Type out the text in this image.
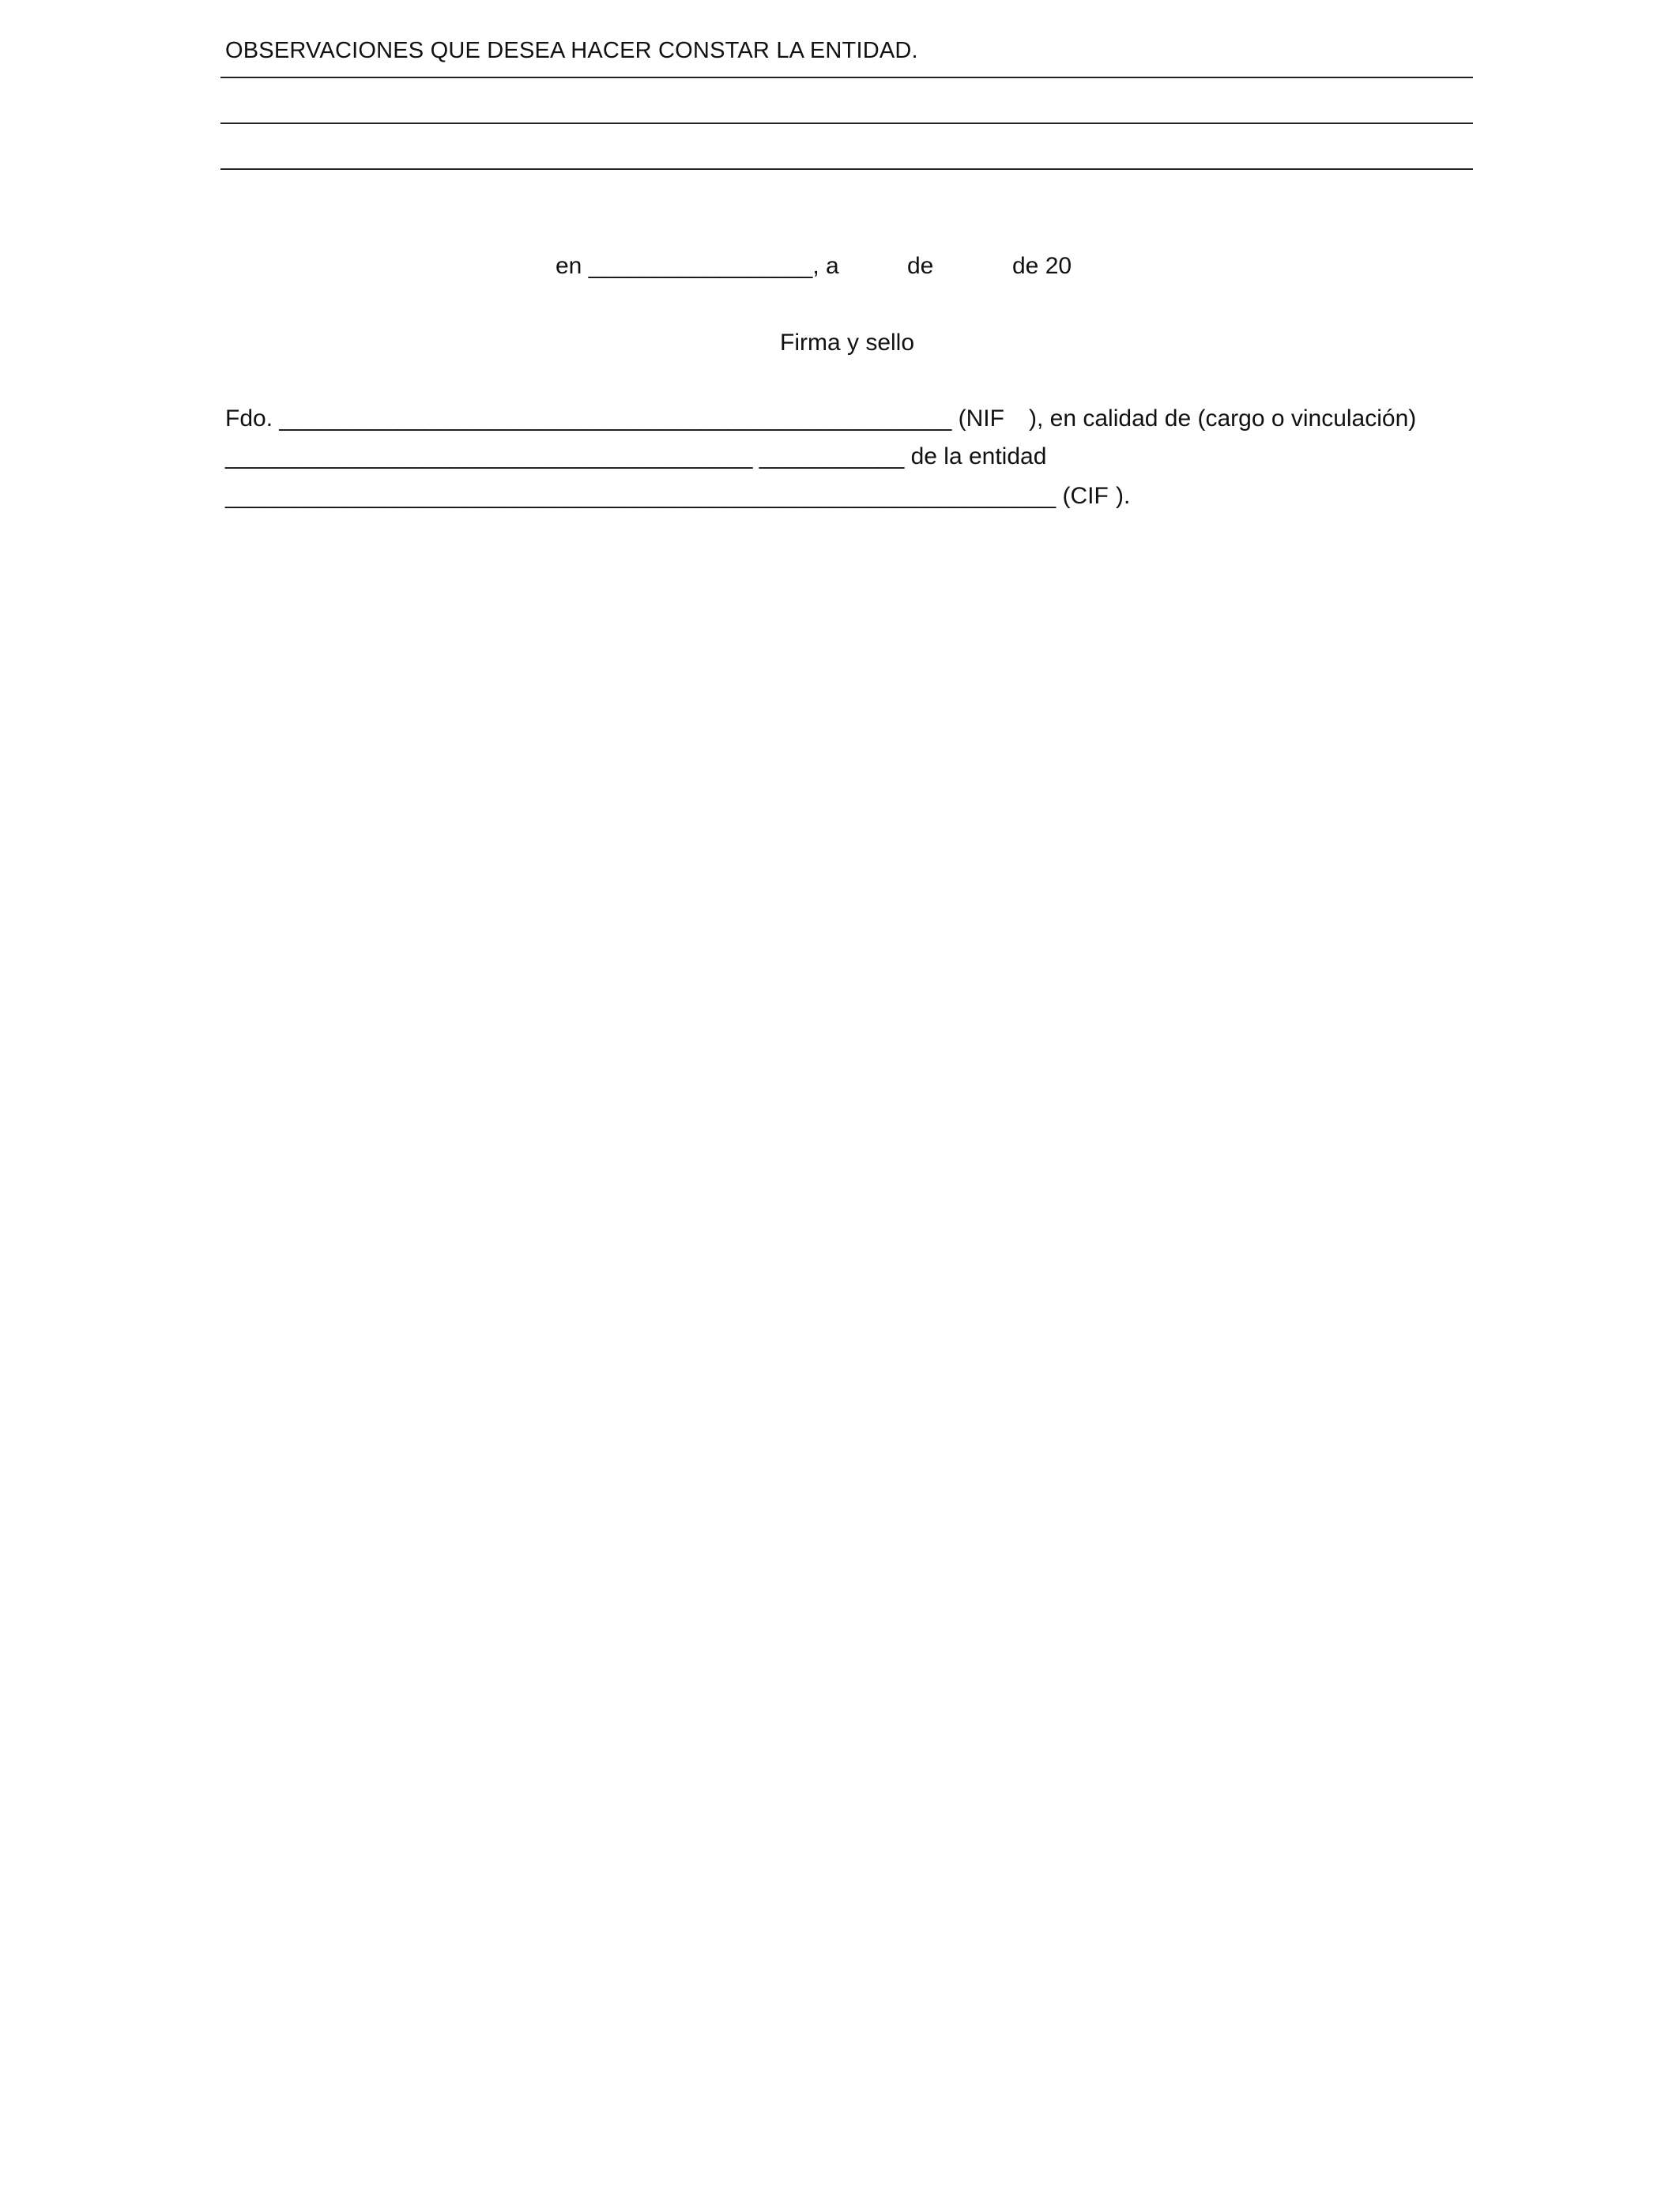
OBSERVACIONES QUE DESEA HACER CONSTAR LA ENTIDAD.
en _________________, a	de	de 20
Firma y sello
Fdo. ___________________________________________________ (NIF ), en calidad de (cargo o vinculación)
________________________________________ ___________ de la entidad
_______________________________________________________________ (CIF ).
